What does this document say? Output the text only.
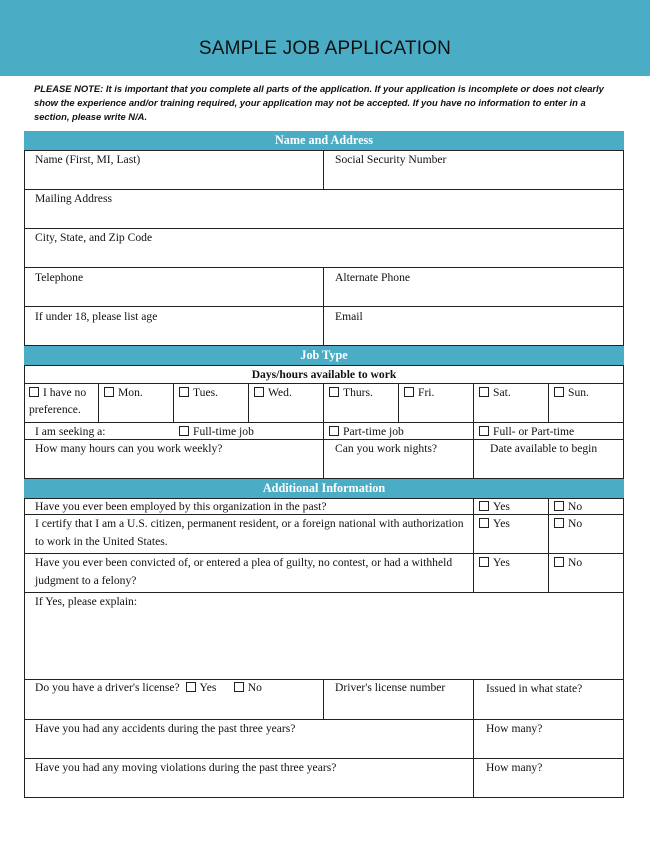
SAMPLE JOB APPLICATION
PLEASE NOTE: It is important that you complete all parts of the application. If your application is incomplete or does not clearly show the experience and/or training required, your application may not be accepted. If you have no information to enter in a section, please write N/A.
Name and Address
Name (First, MI, Last)	Social Security Number
Mailing Address
City, State, and Zip Code
Telephone	Alternate Phone
If under 18, please list age	Email
Job Type
Days/hours available to work
I have no preference.
Mon.	Tues.	Wed.	Thurs.	Fri.	Sat.	Sun.
I am seeking a:	Full-time job	Part-time job	Full- or Part-time
How many hours can you work weekly?	Can you work nights?	Date available to begin
Additional Information
Have you ever been employed by this organization in the past?	Yes	No
I certify that I am a U.S. citizen, permanent resident, or a foreign national with authorization to work in the United States.
Yes	No
Have you ever been convicted of, or entered a plea of guilty, no contest, or had a withheld judgment to a felony?
Yes	No
If Yes, please explain:
Do you have a driver's license? Yes	No	Driver's license number	Issued in what state?
Have you had any accidents during the past three years?	How many?
Have you had any moving violations during the past three years?	How many?
